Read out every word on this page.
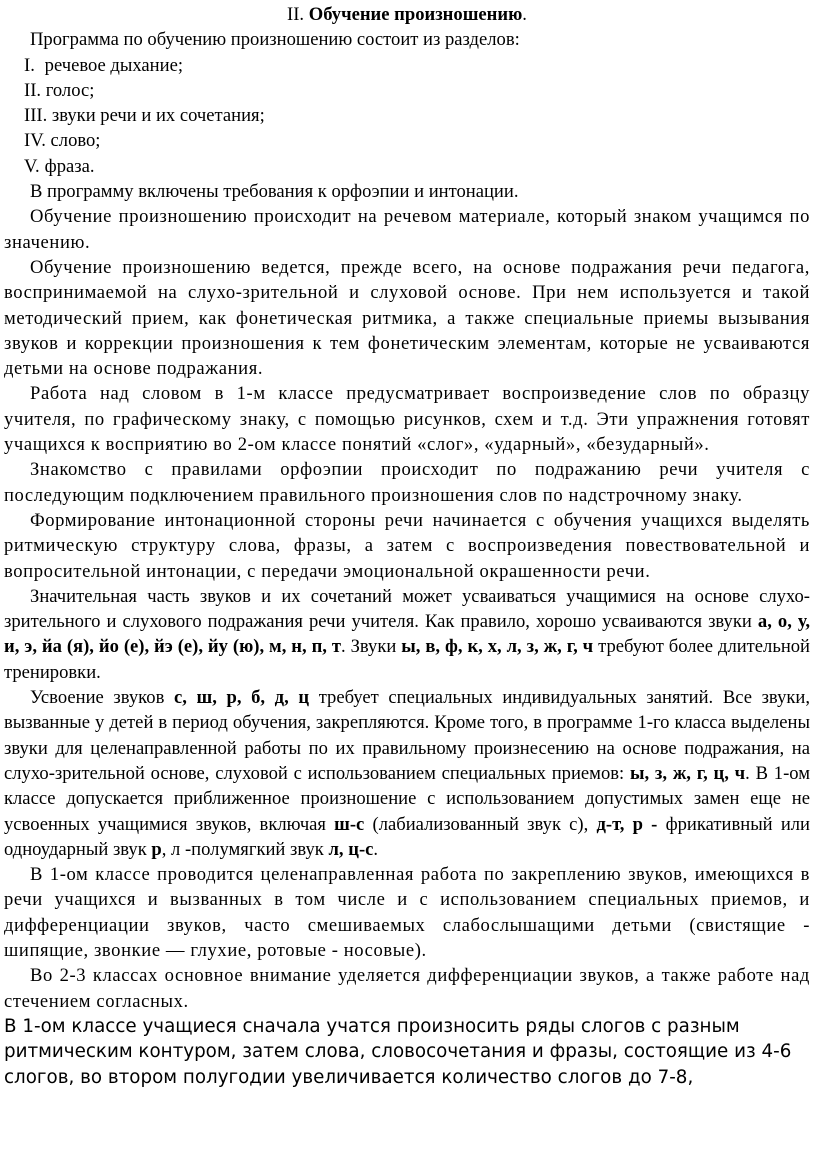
II. Обучение произношению.

Программа по обучению произношению состоит из разделов:

I. речевое дыхание;
II. голос;
III. звуки речи и их сочетания;
IV. слово;
V. фраза.

В программу включены требования к орфоэпии и интонации.

Обучение произношению происходит на речевом материале, который знаком учащимся по значению.

Обучение произношению ведется, прежде всего, на основе подражания речи педагога, воспринимаемой на слухо-зрительной и слуховой основе. При нем используется и такой методический прием, как фонетическая ритмика, а также специальные приемы вызывания звуков и коррекции произношения к тем фонетическим элементам, которые не усваиваются детьми на основе подражания.

Работа над словом в 1-м классе предусматривает воспроизведение слов по образцу учителя, по графическому знаку, с помощью рисунков, схем и т.д. Эти упражнения готовят учащихся к восприятию во 2-ом классе понятий «слог», «ударный», «безударный».

Знакомство с правилами орфоэпии происходит по подражанию речи учителя с последующим подключением правильного произношения слов по надстрочному знаку.

Формирование интонационной стороны речи начинается с обучения учащихся выделять ритмическую структуру слова, фразы, а затем с воспроизведения повествовательной и вопросительной интонации, с передачи эмоциональной окрашенности речи.

Значительная часть звуков и их сочетаний может усваиваться учащимися на основе слухо-зрительного и слухового подражания речи учителя. Как правило, хорошо усваиваются звуки а, о, у, и, э, йа (я), йо (е), йэ (е), йу (ю), м, н, п, т. Звуки ы, в, ф, к, х, л, з, ж, г, ч требуют более длительной тренировки.

Усвоение звуков с, ш, р, б, д, ц требует специальных индивидуальных занятий. Все звуки, вызванные у детей в период обучения, закрепляются. Кроме того, в программе 1-го класса выделены звуки для целенаправленной работы по их правильному произнесению на основе подражания, на слухо-зрительной основе, слуховой с использованием специальных приемов: ы, з, ж, г, ц, ч. В 1-ом классе допускается приближенное произношение с использованием допустимых замен еще не усвоенных учащимися звуков, включая ш-с (лабиализованный звук с), д-т, р - фрикативный или одноударный звук р, л -полумягкий звук л, ц-с.

В 1-ом классе проводится целенаправленная работа по закреплению звуков, имеющихся в речи учащихся и вызванных в том числе и с использованием специальных приемов, и дифференциации звуков, часто смешиваемых слабослышащими детьми (свистящие - шипящие, звонкие — глухие, ротовые - носовые).

Во 2-3 классах основное внимание уделяется дифференциации звуков, а также работе над стечением согласных.

В 1-ом классе учащиеся сначала учатся произносить ряды слогов с разным ритмическим контуром, затем слова, словосочетания и фразы, состоящие из 4-6 слогов, во втором полугодии увеличивается количество слогов до 7-8,
